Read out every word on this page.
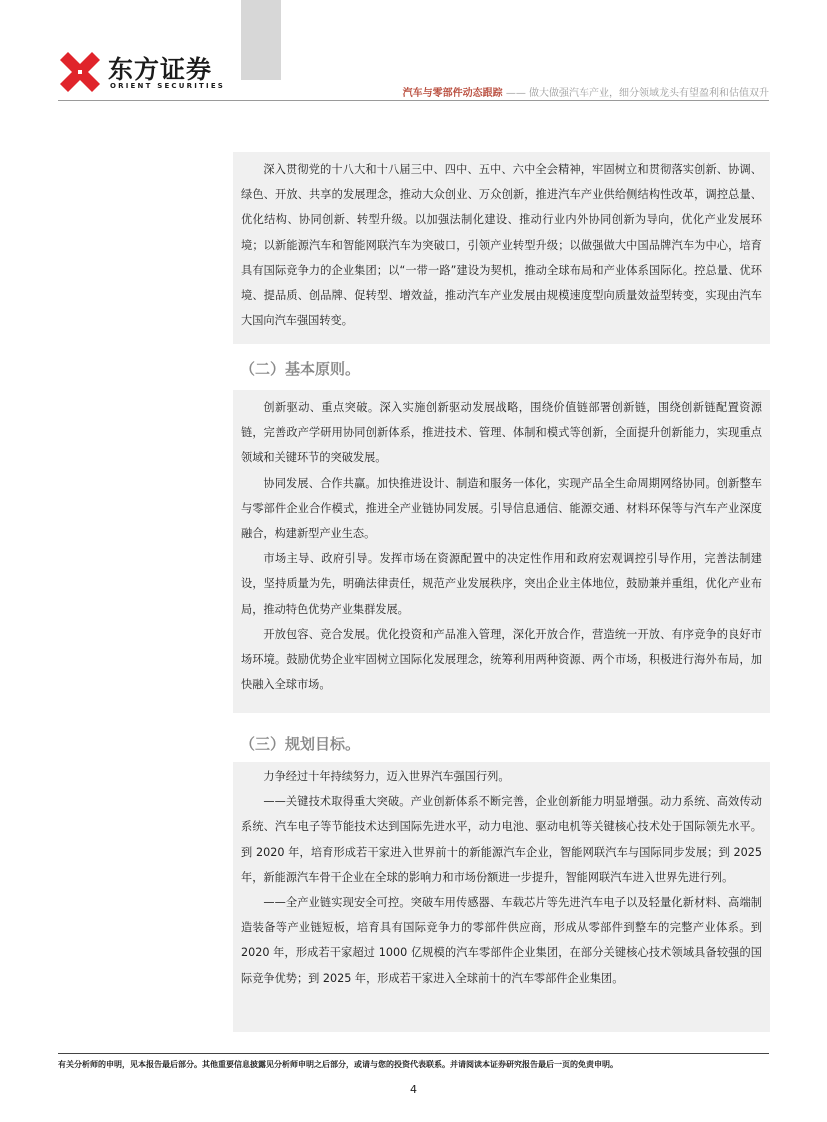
东方证券
ORIENT SECURITIES
汽车与零部件动态跟踪 —— 做大做强汽车产业，细分领域龙头有望盈利和估值双升

深入贯彻党的十八大和十八届三中、四中、五中、六中全会精神，牢固树立和贯彻落实创新、协调、绿色、开放、共享的发展理念，推动大众创业、万众创新，推进汽车产业供给侧结构性改革，调控总量、优化结构、协同创新、转型升级。以加强法制化建设、推动行业内外协同创新为导向，优化产业发展环境；以新能源汽车和智能网联汽车为突破口，引领产业转型升级；以做强做大中国品牌汽车为中心，培育具有国际竞争力的企业集团；以“一带一路”建设为契机，推动全球布局和产业体系国际化。控总量、优环境、提品质、创品牌、促转型、增效益，推动汽车产业发展由规模速度型向质量效益型转变，实现由汽车大国向汽车强国转变。

（二）基本原则。

创新驱动、重点突破。深入实施创新驱动发展战略，围绕价值链部署创新链，围绕创新链配置资源链，完善政产学研用协同创新体系，推进技术、管理、体制和模式等创新，全面提升创新能力，实现重点领域和关键环节的突破发展。

协同发展、合作共赢。加快推进设计、制造和服务一体化，实现产品全生命周期网络协同。创新整车与零部件企业合作模式，推进全产业链协同发展。引导信息通信、能源交通、材料环保等与汽车产业深度融合，构建新型产业生态。

市场主导、政府引导。发挥市场在资源配置中的决定性作用和政府宏观调控引导作用，完善法制建设，坚持质量为先，明确法律责任，规范产业发展秩序，突出企业主体地位，鼓励兼并重组，优化产业布局，推动特色优势产业集群发展。

开放包容、竞合发展。优化投资和产品准入管理，深化开放合作，营造统一开放、有序竞争的良好市场环境。鼓励优势企业牢固树立国际化发展理念，统筹利用两种资源、两个市场，积极进行海外布局，加快融入全球市场。

（三）规划目标。

力争经过十年持续努力，迈入世界汽车强国行列。

——关键技术取得重大突破。产业创新体系不断完善，企业创新能力明显增强。动力系统、高效传动系统、汽车电子等节能技术达到国际先进水平，动力电池、驱动电机等关键核心技术处于国际领先水平。到 2020 年，培育形成若干家进入世界前十的新能源汽车企业，智能网联汽车与国际同步发展；到 2025 年，新能源汽车骨干企业在全球的影响力和市场份额进一步提升，智能网联汽车进入世界先进行列。

——全产业链实现安全可控。突破车用传感器、车载芯片等先进汽车电子以及轻量化新材料、高端制造装备等产业链短板，培育具有国际竞争力的零部件供应商，形成从零部件到整车的完整产业体系。到 2020 年，形成若干家超过 1000 亿规模的汽车零部件企业集团，在部分关键核心技术领域具备较强的国际竞争优势；到 2025 年，形成若干家进入全球前十的汽车零部件企业集团。

有关分析师的申明，见本报告最后部分。其他重要信息披露见分析师申明之后部分，或请与您的投资代表联系。并请阅读本证券研究报告最后一页的免责申明。
4
